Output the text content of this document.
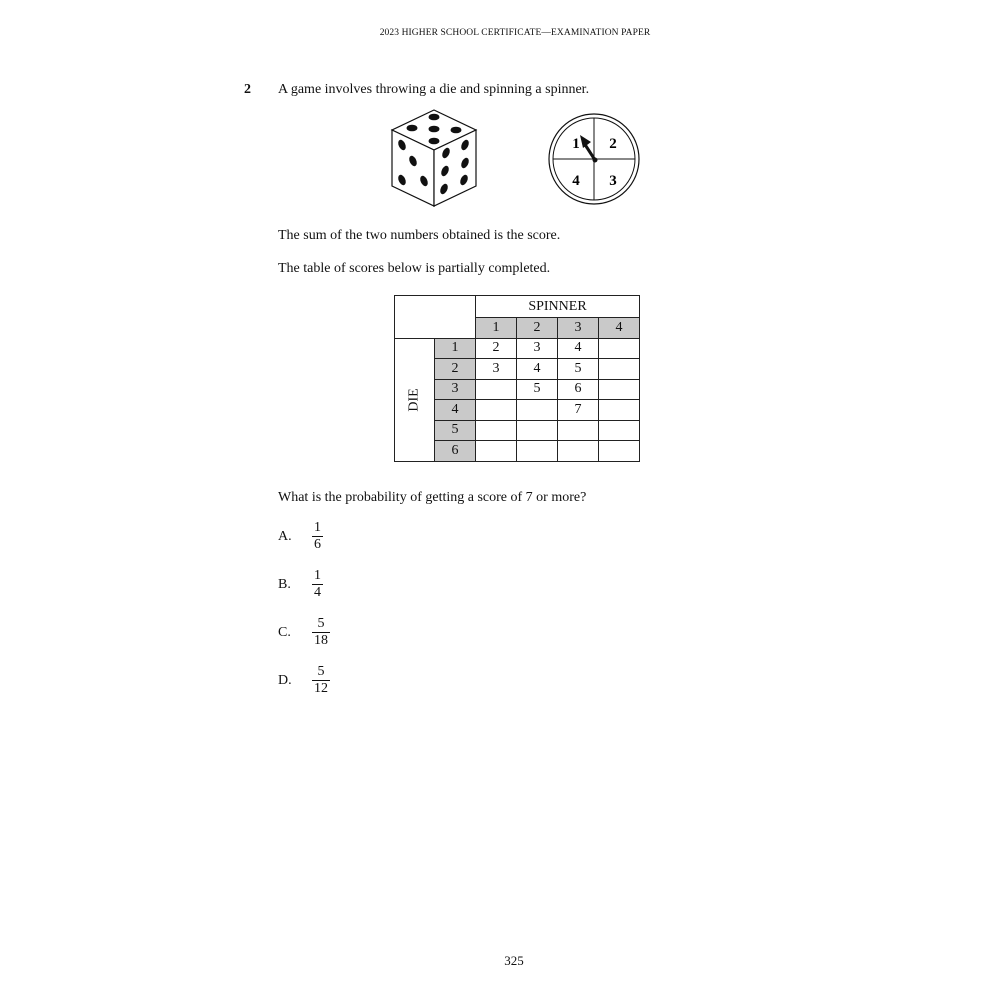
2023 HIGHER SCHOOL CERTIFICATE—EXAMINATION PAPER
2 A game involves throwing a die and spinning a spinner.
1 2
4 3
The sum of the two numbers obtained is the score.
The table of scores below is partially completed.
		SPINNER			
		1	2	3	4
DIE	1	2	3	4	
	2	3	4	5	
	3		5	6	
	4			7	
	5				
	6				
What is the probability of getting a score of 7 or more?
A. $\frac{1}{6}$
B. $\frac{1}{4}$
C. $\frac{5}{18}$
D. $\frac{5}{12}$
325
